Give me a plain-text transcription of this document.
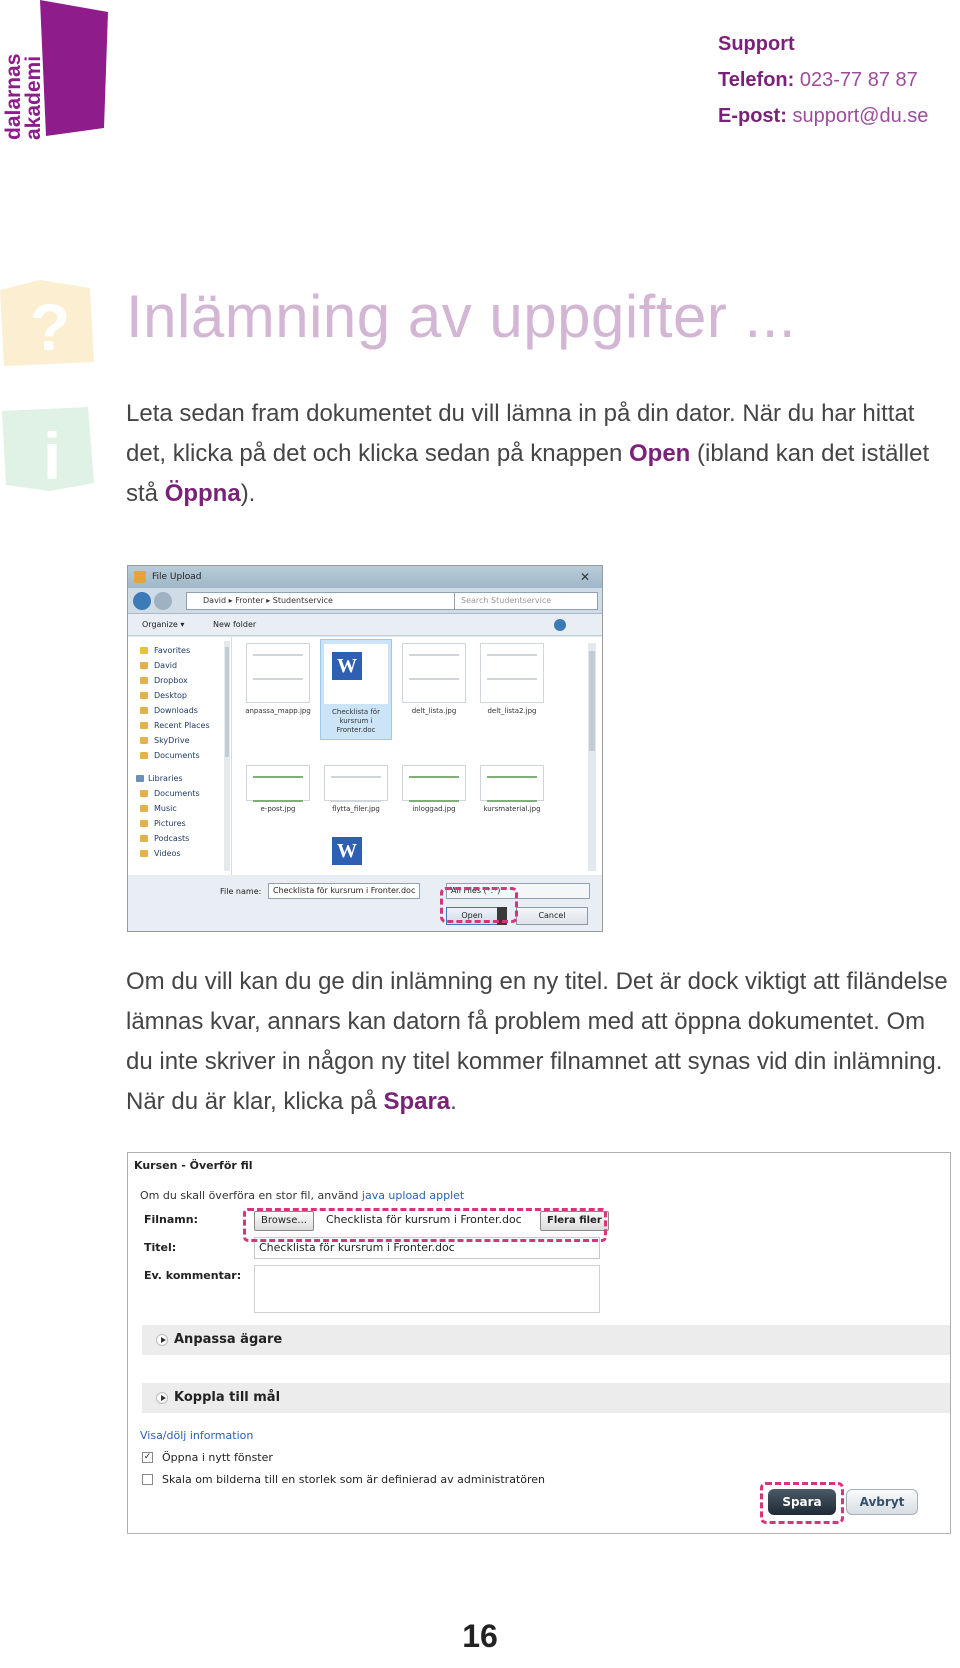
dalarnas
akademi
Support
Telefon: 023-77 87 87
E-post: support@du.se
?
i
Inlämning av uppgifter ...

Leta sedan fram dokumentet du vill lämna in på din dator. När du har hittat det, klicka på det och klicka sedan på knappen Open (ibland kan det istället stå Öppna).

File Upload	✕
David ▸ Fronter ▸ Studentservice	Search Studentservice
Organize ▾	New folder
Favorites
David
Dropbox
Desktop
Downloads
Recent Places
SkyDrive
Documents
Libraries
Documents
Music
Pictures
Podcasts
Videos
anpassa_mapp.jpg
W	Checklista för kursrum i Fronter.doc
delt_lista.jpg	delt_lista2.jpg
e-post.jpg	flytta_filer.jpg	inloggad.jpg	kursmaterial.jpg
W
File name:	Checklista för kursrum i Fronter.doc	All Files (*.*)
Open	Cancel

Om du vill kan du ge din inlämning en ny titel. Det är dock viktigt att filändelse lämnas kvar, annars kan datorn få problem med att öppna dokumentet. Om du inte skriver in någon ny titel kommer filnamnet att synas vid din inlämning. När du är klar, klicka på Spara.

Kursen - Överför fil
Om du skall överföra en stor fil, använd java upload applet
Filnamn:	Browse...	Checklista för kursrum i Fronter.doc	Flera filer
Titel:	Checklista för kursrum i Fronter.doc
Ev. kommentar:
Anpassa ägare
Koppla till mål
Visa/dölj information
✓ Öppna i nytt fönster
Skala om bilderna till en storlek som är definierad av administratören
Spara	Avbryt
16
